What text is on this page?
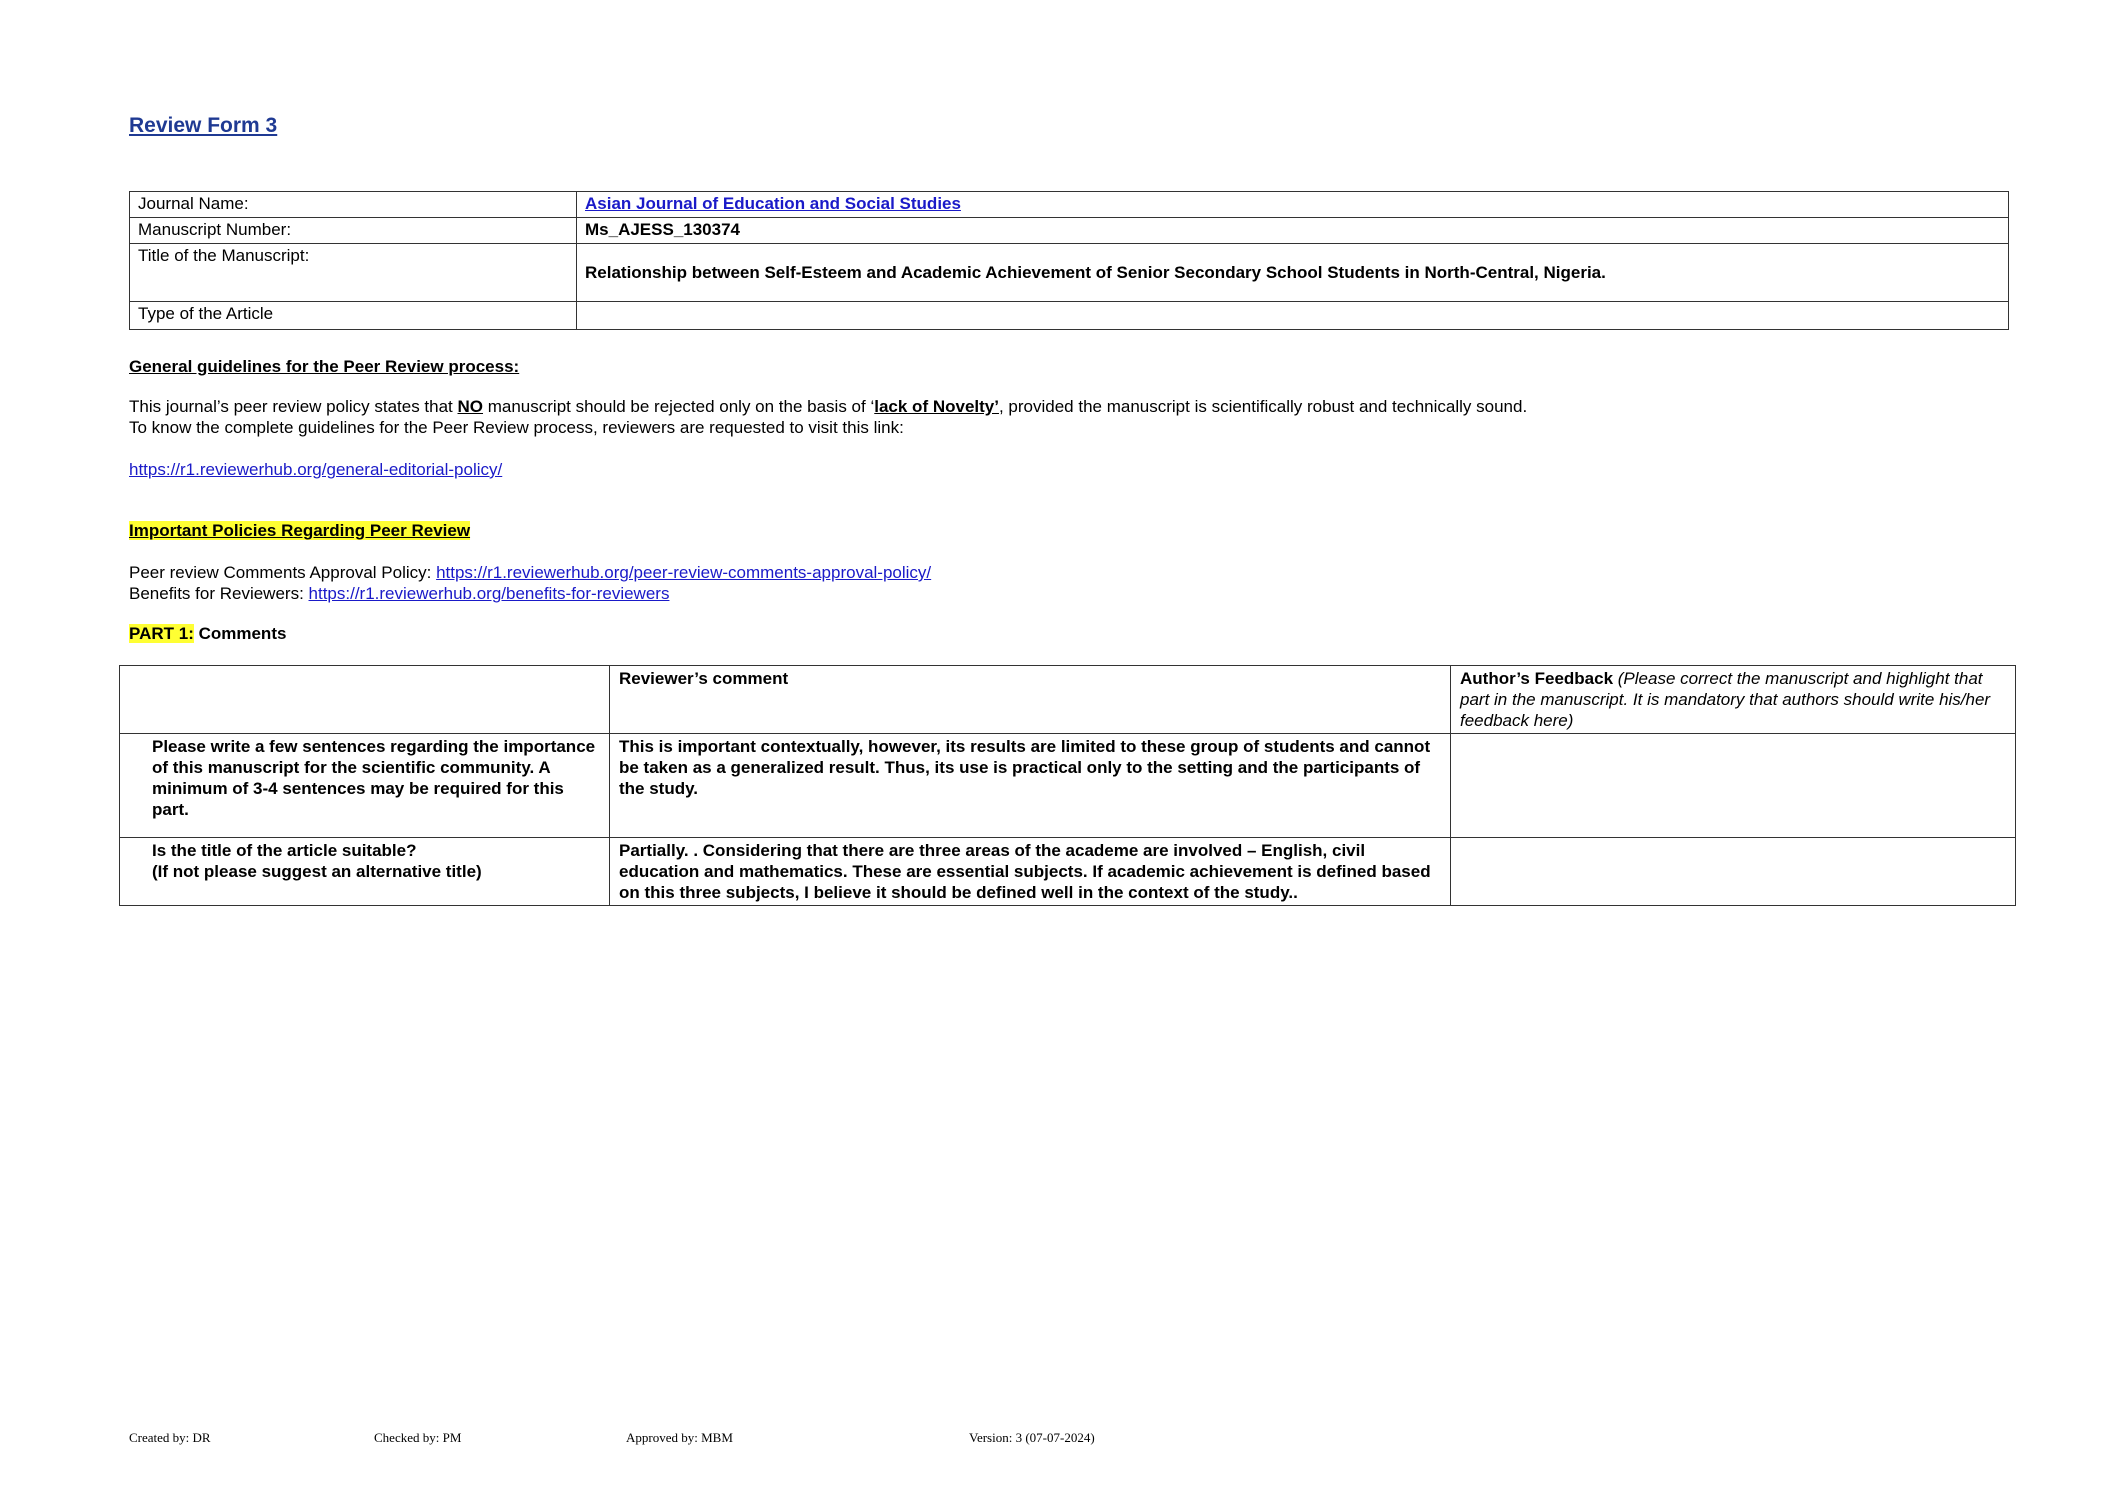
Review Form 3
Journal Name:	Asian Journal of Education and Social Studies
Manuscript Number:	Ms_AJESS_130374
Title of the Manuscript:	Relationship between Self-Esteem and Academic Achievement of Senior Secondary School Students in North-Central, Nigeria.
Type of the Article	
General guidelines for the Peer Review process:
This journal’s peer review policy states that NO manuscript should be rejected only on the basis of ‘lack of Novelty’, provided the manuscript is scientifically robust and technically sound.
To know the complete guidelines for the Peer Review process, reviewers are requested to visit this link:
https://r1.reviewerhub.org/general-editorial-policy/
Important Policies Regarding Peer Review
Peer review Comments Approval Policy: https://r1.reviewerhub.org/peer-review-comments-approval-policy/
Benefits for Reviewers: https://r1.reviewerhub.org/benefits-for-reviewers
PART 1: Comments
	Reviewer’s comment	Author’s Feedback (Please correct the manuscript and highlight that part in the manuscript. It is mandatory that authors should write his/her feedback here)
Please write a few sentences regarding the importance of this manuscript for the scientific community. A minimum of 3-4 sentences may be required for this part.	This is important contextually, however, its results are limited to these group of students and cannot be taken as a generalized result. Thus, its use is practical only to the setting and the participants of the study.	

Is the title of the article suitable?
(If not please suggest an alternative title)	Partially. . Considering that there are three areas of the academe are involved – English, civil education and mathematics. These are essential subjects. If academic achievement is defined based on this three subjects, I believe it should be defined well in the context of the study..	
Created by: DR	Checked by: PM	Approved by: MBM	Version: 3 (07-07-2024)
